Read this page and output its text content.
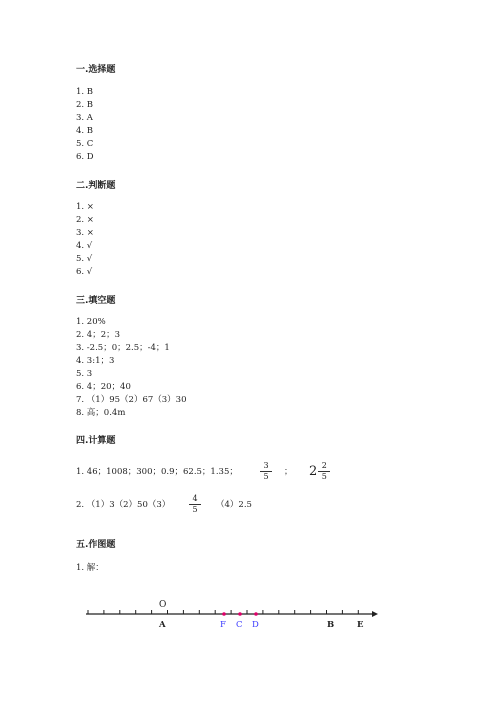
一.选择题
1. B
2. B
3. A
4. B
5. C
6. D
二.判断题
1. ×
2. ×
3. ×
4. √
5. √
6. √
三.填空题
1. 20%
2. 4；2；3
3. -2.5；0；2.5；-4；1
4. 3:1；3
5. 3
6. 4；20；40
7. （1）95（2）67（3）30
8. 高；0.4m
四.计算题
1. 46；1008；300；0.9；62.5；1.35；
3
5	； $2 \frac{2}{5}$
2. （1）3（2）50（3）
4
5	（4）2.5
五.作图题
1. 解：
O
A	F C D	B	E
